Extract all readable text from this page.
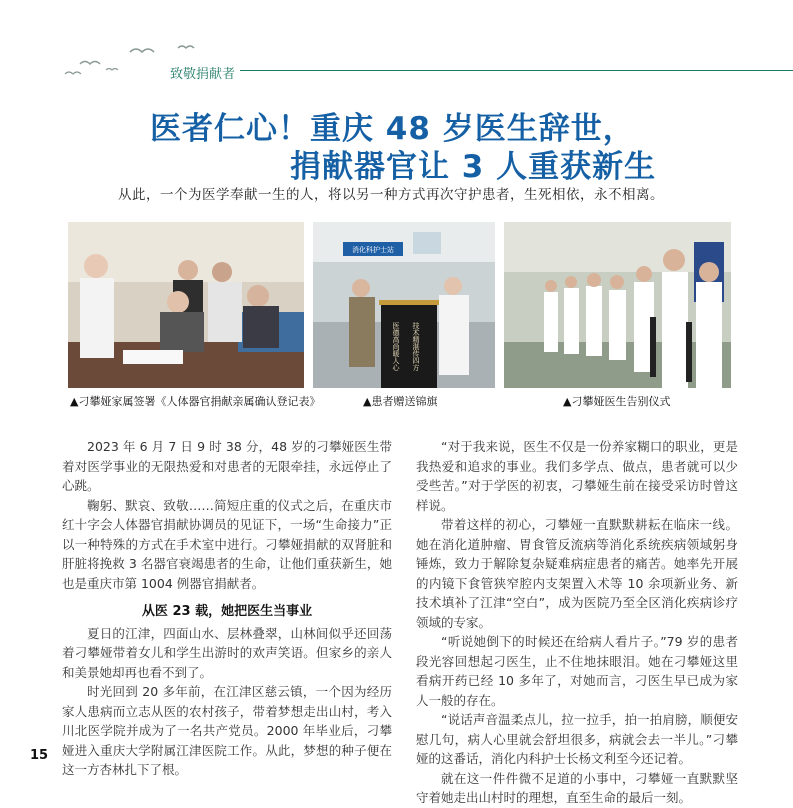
致敬捐献者
医者仁心！重庆 48 岁医生辞世，
捐献器官让 3 人重获新生
从此，一个为医学奉献一生的人，将以另一种方式再次守护患者，生死相依，永不相离。
消化科护士站
医德高尚暖人心 技术精湛传四方
▲刁攀娅家属签署《人体器官捐献亲属确认登记表》	▲患者赠送锦旗	▲刁攀娅医生告别仪式

2023 年 6 月 7 日 9 时 38 分，48 岁的刁攀娅医生带着对医学事业的无限热爱和对患者的无限牵挂，永远停止了心跳。

鞠躬、默哀、致敬……简短庄重的仪式之后，在重庆市红十字会人体器官捐献协调员的见证下，一场“生命接力”正以一种特殊的方式在手术室中进行。刁攀娅捐献的双肾脏和肝脏将挽救 3 名器官衰竭患者的生命，让他们重获新生，她也是重庆市第 1004 例器官捐献者。

从医 23 载，她把医生当事业

夏日的江津，四面山水、层林叠翠，山林间似乎还回荡着刁攀娅带着女儿和学生出游时的欢声笑语。但家乡的亲人和美景她却再也看不到了。

时光回到 20 多年前，在江津区慈云镇，一个因为经历家人患病而立志从医的农村孩子，带着梦想走出山村，考入川北医学院并成为了一名共产党员。2000 年毕业后，刁攀娅进入重庆大学附属江津医院工作。从此，梦想的种子便在这一方杏林扎下了根。

“对于我来说，医生不仅是一份养家糊口的职业，更是我热爱和追求的事业。我们多学点、做点，患者就可以少受些苦。”对于学医的初衷，刁攀娅生前在接受采访时曾这样说。

带着这样的初心，刁攀娅一直默默耕耘在临床一线。她在消化道肿瘤、胃食管反流病等消化系统疾病领域躬身锤炼，致力于解除复杂疑难病症患者的痛苦。她率先开展的内镜下食管狭窄腔内支架置入术等 10 余项新业务、新技术填补了江津“空白”，成为医院乃至全区消化疾病诊疗领域的专家。

“听说她倒下的时候还在给病人看片子。”79 岁的患者段光容回想起刁医生，止不住地抹眼泪。她在刁攀娅这里看病开药已经 10 多年了，对她而言，刁医生早已成为家人一般的存在。

“说话声音温柔点儿，拉一拉手，拍一拍肩膀，顺便安慰几句，病人心里就会舒坦很多，病就会去一半儿。”刁攀娅的这番话，消化内科护士长杨文利至今还记着。

就在这一件件微不足道的小事中，刁攀娅一直默默坚守着她走出山村时的理想，直至生命的最后一刻。

15
